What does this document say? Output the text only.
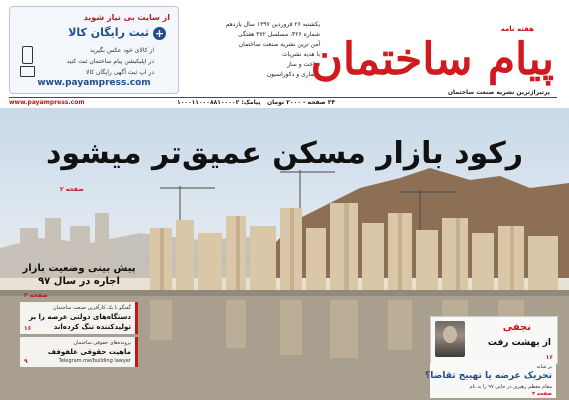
از سایت بی نیاز شوید
+ثبت رایگان کالا
از کالای خود عکس بگیرید
در اپلیکیشن پیام ساختمان ثبت کنید
در اپ ثبت آگهی رایگان کالا
www.payampress.com
یکشنبه ۲۶ فروردین ۱۳۹۷ سال یازدهم
شماره ۴۲۶، مسلسل ۳۷۲ هفتگی
آمن ترین نشریه صنعت ساختمان
با هدیه نشریات
ساخت و ساز
معماری و دکوراسیون
هفته نامه
پیام ساختمان
پرتیراژترین نشریه صنعت ساختمان
www.payampress.com	پیامک: ۱۰۰۰۱۱۰۰۰۸۸۱۰۰۰۰۲ ۲۴ صفحه - ۲۰۰۰ تومان
رکود بازار مسکن عمیق‌تر میشود
صفحه ۲
پیش بینی وضعیت بازار اجاره در سال ۹۷
صفحه ۳
گفتگو با یک کارآفرین صنعت ساختمان
دستگاه‌های دولتی عرصه را بر تولیدکننده تنگ کرده‌اند
۱۶
پرونده‌های حقوقی ساختمان
ماهیت حقوقی علفوقف
Telegram.me/building lawyer
۹
نجفی
از بهشت رفت
۱۶
بر شانه
تحریک عرضه یا تهییج تقاضا؟
مقام معظم رهبری در جایی ۹۷ را به نام
صفحه ۳
